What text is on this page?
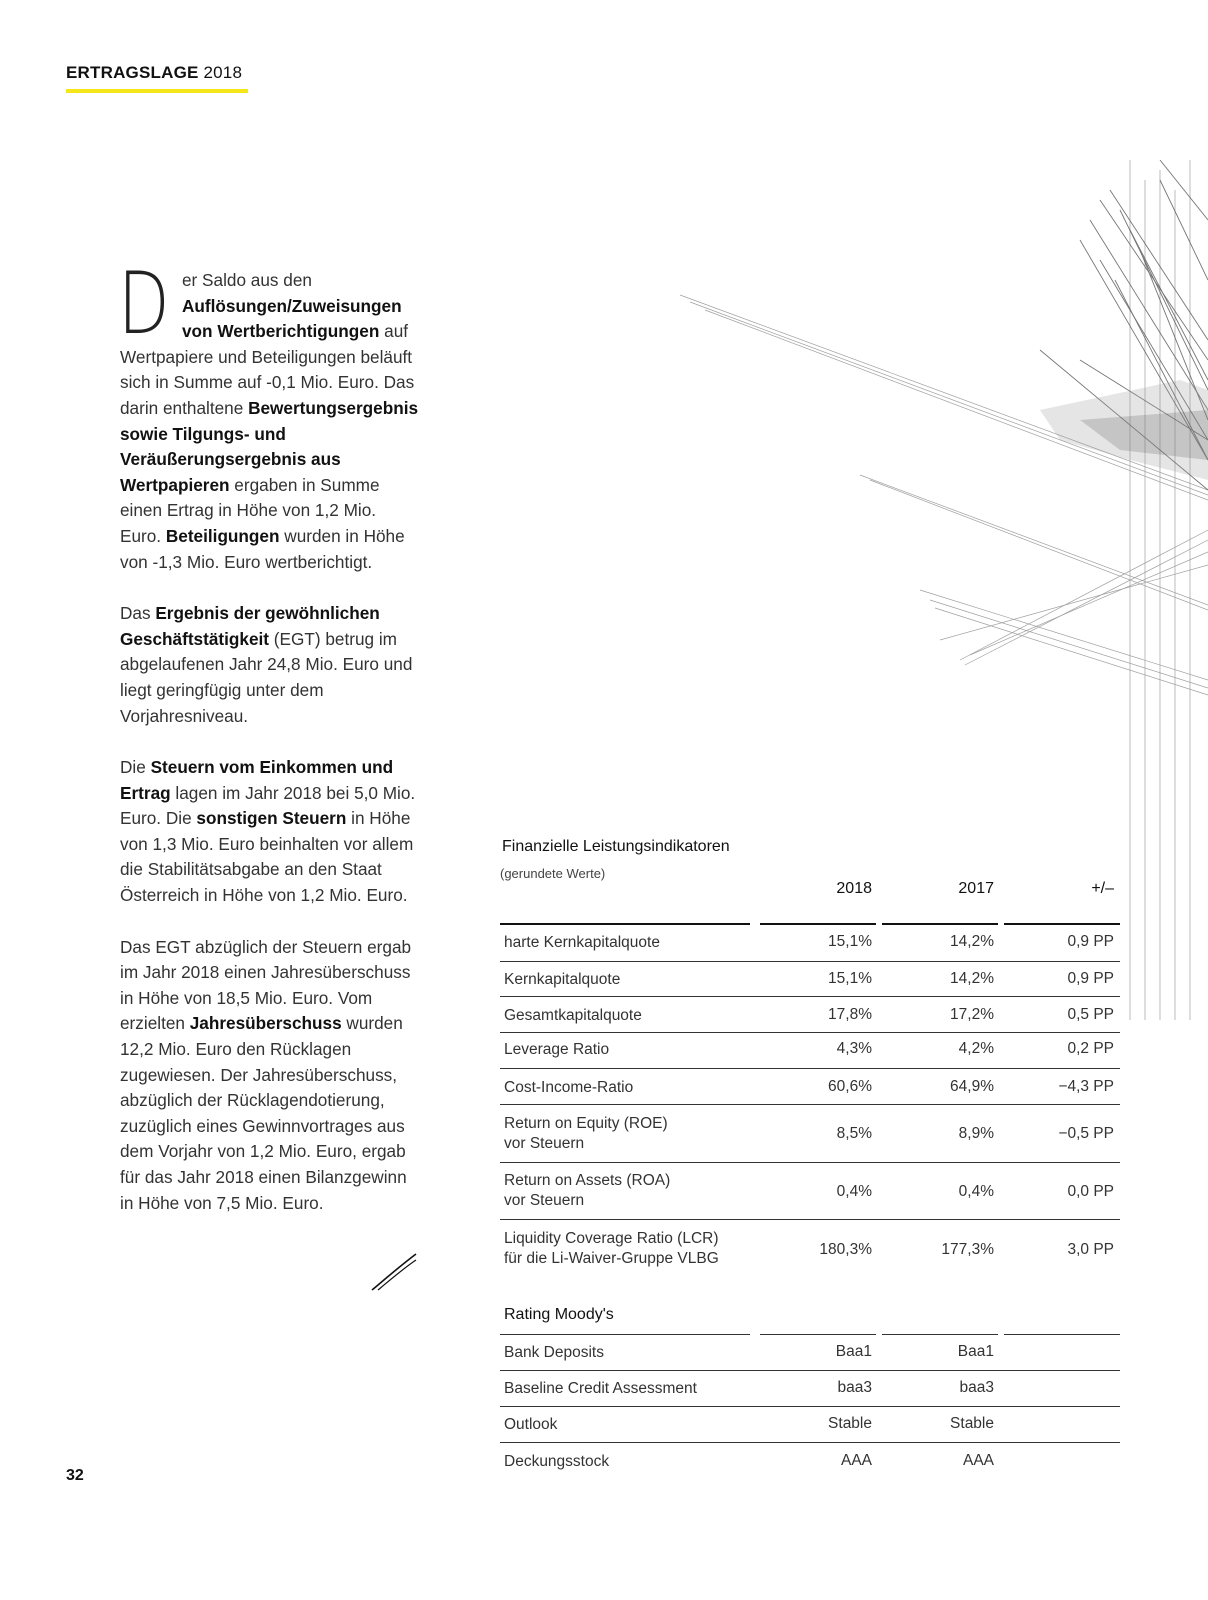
ERTRAGSLAGE 2018

Der Saldo aus den Auflösungen/Zuweisungen von Wertberichtigungen auf Wertpapiere und Beteiligungen beläuft sich in Summe auf -0,1 Mio. Euro. Das darin enthaltene Bewertungsergebnis sowie Tilgungs- und Veräußerungsergebnis aus Wertpapieren ergaben in Summe einen Ertrag in Höhe von 1,2 Mio. Euro. Beteiligungen wurden in Höhe von -1,3 Mio. Euro wertberichtigt.

Das Ergebnis der gewöhnlichen Geschäftstätigkeit (EGT) betrug im abgelaufenen Jahr 24,8 Mio. Euro und liegt geringfügig unter dem Vorjahresniveau.

Die Steuern vom Einkommen und Ertrag lagen im Jahr 2018 bei 5,0 Mio. Euro. Die sonstigen Steuern in Höhe von 1,3 Mio. Euro beinhalten vor allem die Stabilitätsabgabe an den Staat Österreich in Höhe von 1,2 Mio. Euro.

Das EGT abzüglich der Steuern ergab im Jahr 2018 einen Jahresüberschuss in Höhe von 18,5 Mio. Euro. Vom erzielten Jahresüberschuss wurden 12,2 Mio. Euro den Rücklagen zugewiesen. Der Jahresüberschuss, abzüglich der Rücklagendotierung, zuzüglich eines Gewinnvortrages aus dem Vorjahr von 1,2 Mio. Euro, ergab für das Jahr 2018 einen Bilanzgewinn in Höhe von 7,5 Mio. Euro.

32
Finanzielle Leistungsindikatoren
(gerundete Werte)
2018	2017	+/–
harte Kernkapitalquote	15,1%	14,2%	0,9 PP
Kernkapitalquote	15,1%	14,2%	0,9 PP
Gesamtkapitalquote	17,8%	17,2%	0,5 PP
Leverage Ratio	4,3%	4,2%	0,2 PP
Cost-Income-Ratio	60,6%	64,9%	−4,3 PP
Return on Equity (ROE)
vor Steuern
8,5%	8,9%	−0,5 PP
Return on Assets (ROA)
vor Steuern
0,4%	0,4%	0,0 PP
Liquidity Coverage Ratio (LCR)
für die Li-Waiver-Gruppe VLBG
180,3%	177,3%	3,0 PP
Rating Moody's
Bank Deposits	Baa1	Baa1
Baseline Credit Assessment	baa3	baa3
Outlook	Stable	Stable
Deckungsstock	AAA	AAA
